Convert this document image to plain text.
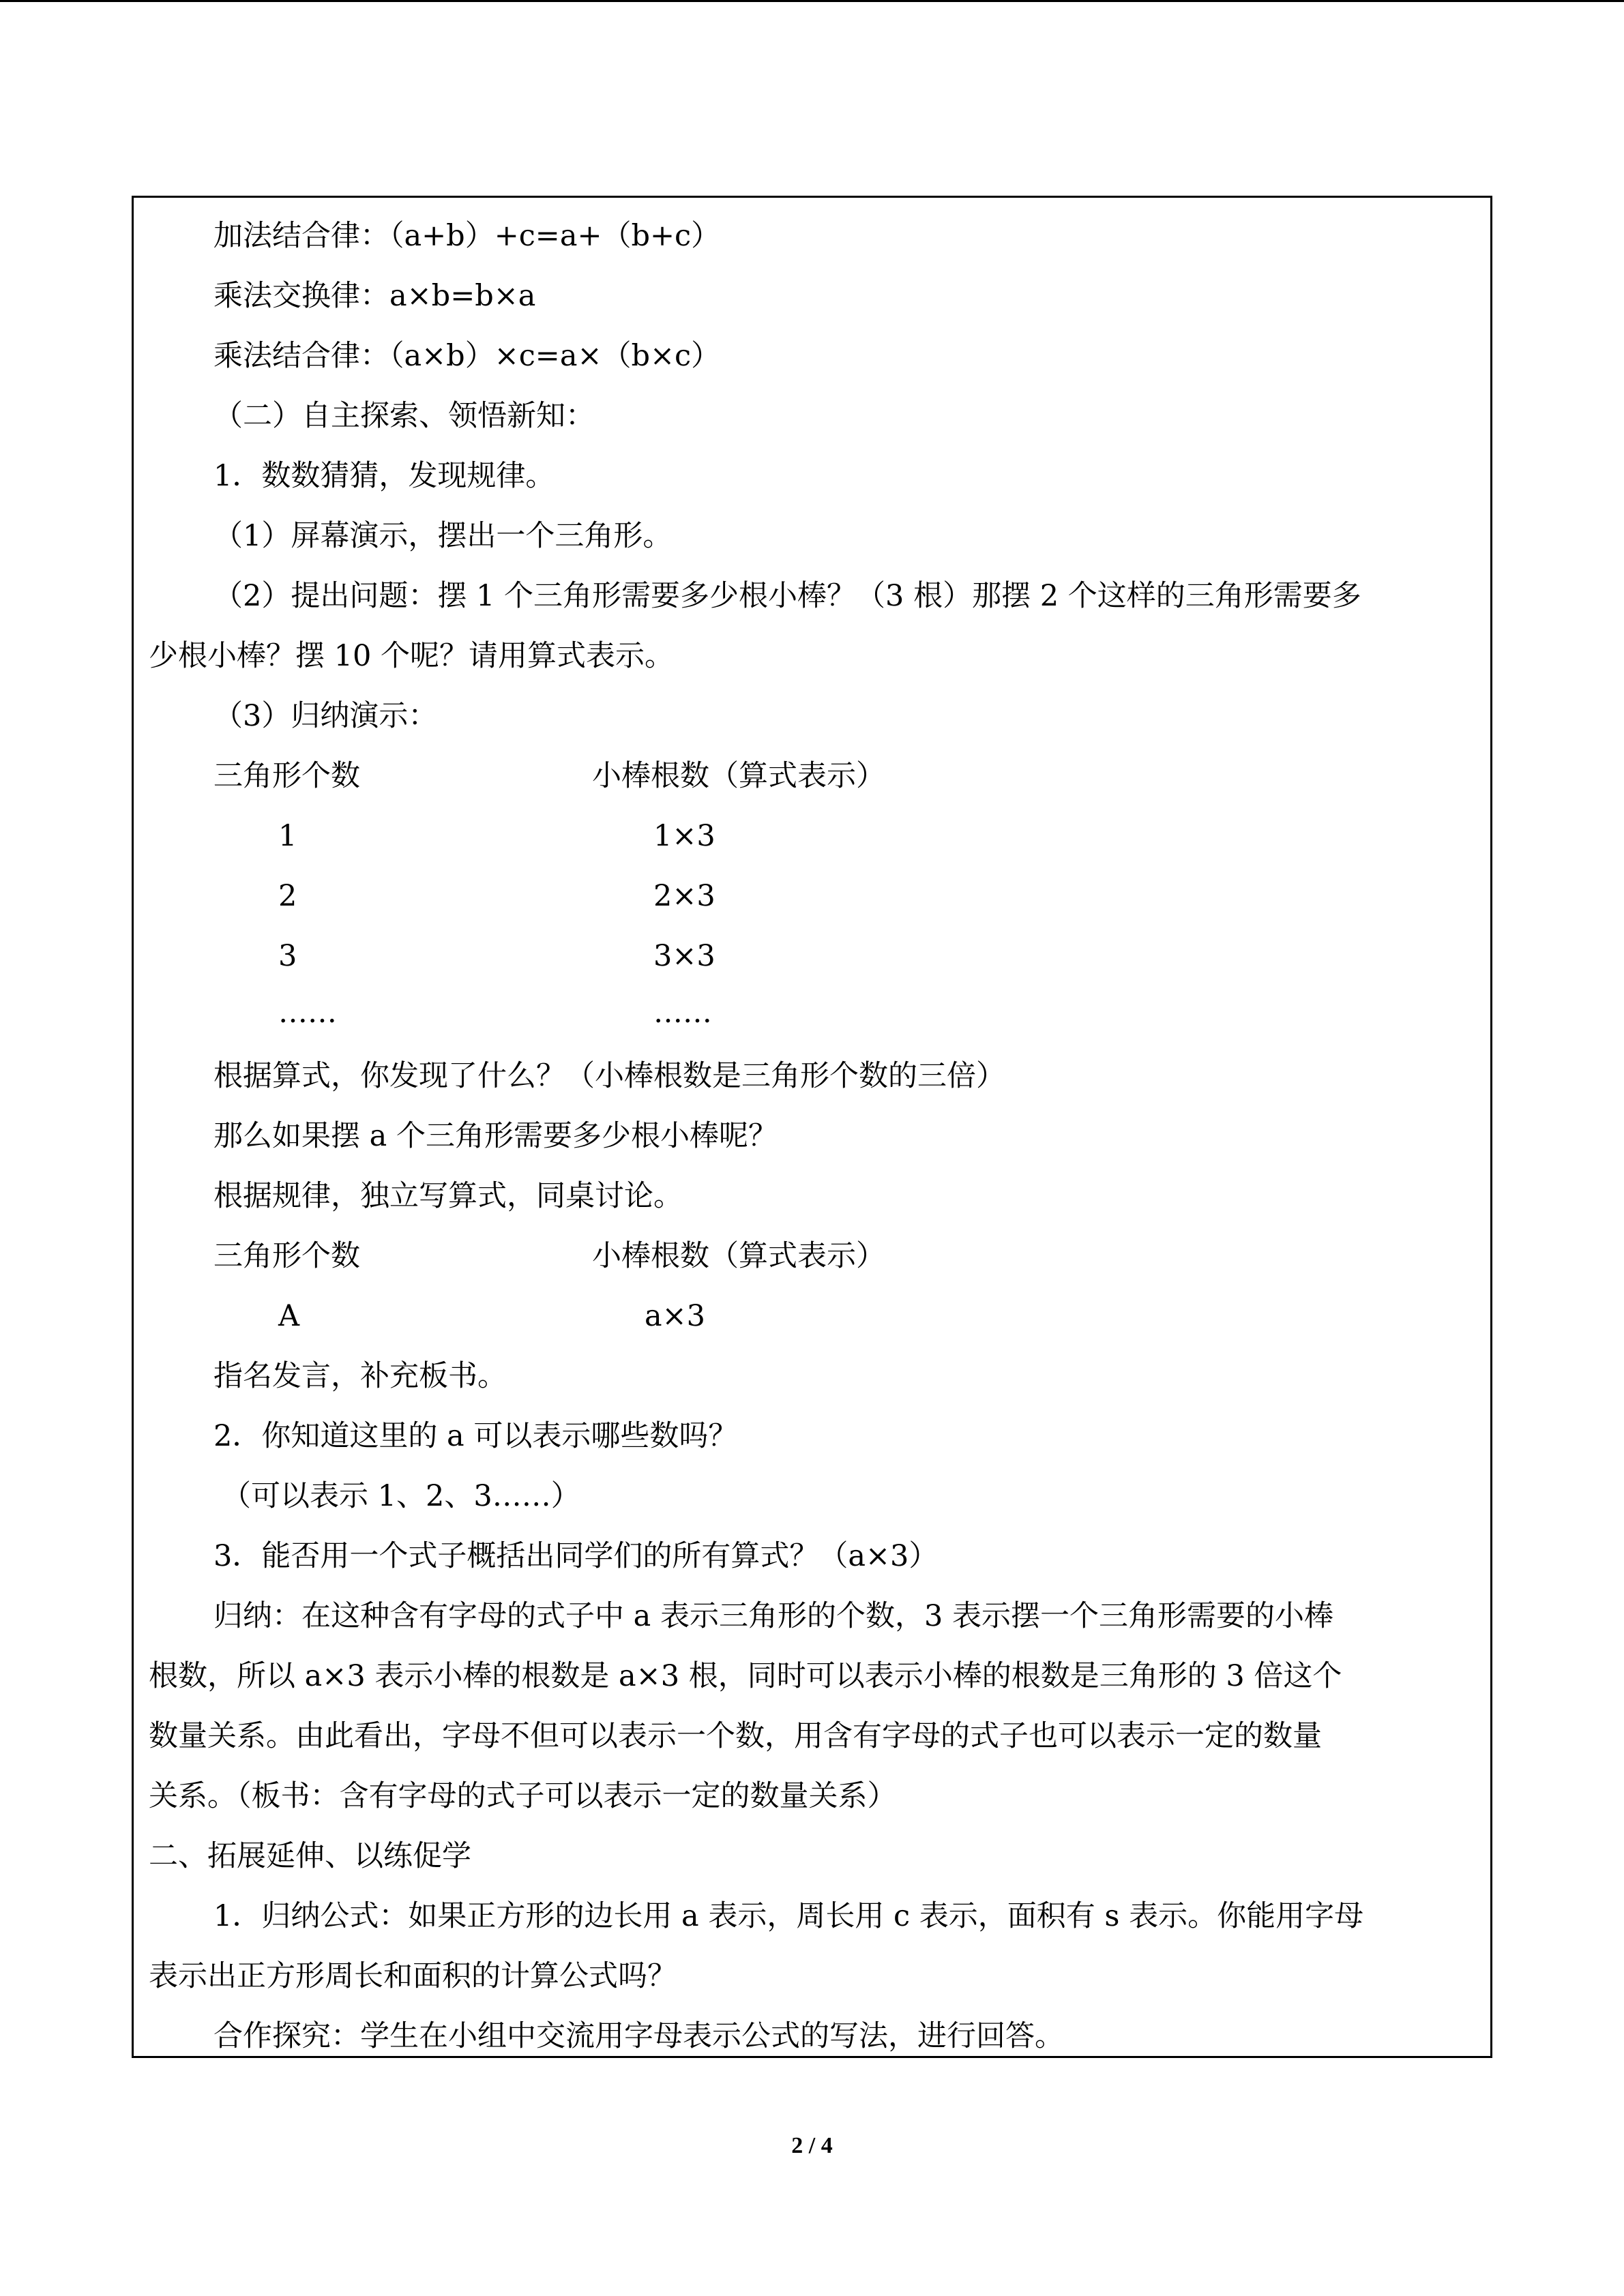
加法结合律：（a+b）+c=a+（b+c）
乘法交换律：a×b=b×a
乘法结合律：（a×b）×c=a×（b×c）
（二）自主探索、领悟新知：
1．数数猜猜，发现规律。
（1）屏幕演示，摆出一个三角形。
（2）提出问题：摆 1 个三角形需要多少根小棒？（3 根）那摆 2 个这样的三角形需要多
少根小棒？摆 10 个呢？请用算式表示。
（3）归纳演示：
三角形个数	小棒根数（算式表示）
1	1×3
2	2×3
3	3×3
……	……
根据算式，你发现了什么？（小棒根数是三角形个数的三倍）
那么如果摆 a 个三角形需要多少根小棒呢？
根据规律，独立写算式，同桌讨论。
三角形个数	小棒根数（算式表示）
A	a×3
指名发言，补充板书。
2．你知道这里的 a 可以表示哪些数吗？
（可以表示 1、2、3……）
3．能否用一个式子概括出同学们的所有算式？（a×3）
归纳：在这种含有字母的式子中 a 表示三角形的个数，3 表示摆一个三角形需要的小棒
根数，所以 a×3 表示小棒的根数是 a×3 根，同时可以表示小棒的根数是三角形的 3 倍这个
数量关系。由此看出，字母不但可以表示一个数，用含有字母的式子也可以表示一定的数量
关系。（板书：含有字母的式子可以表示一定的数量关系）
二、拓展延伸、以练促学
1．归纳公式：如果正方形的边长用 a 表示，周长用 c 表示，面积有 s 表示。你能用字母
表示出正方形周长和面积的计算公式吗？
合作探究：学生在小组中交流用字母表示公式的写法，进行回答。
2 / 4
